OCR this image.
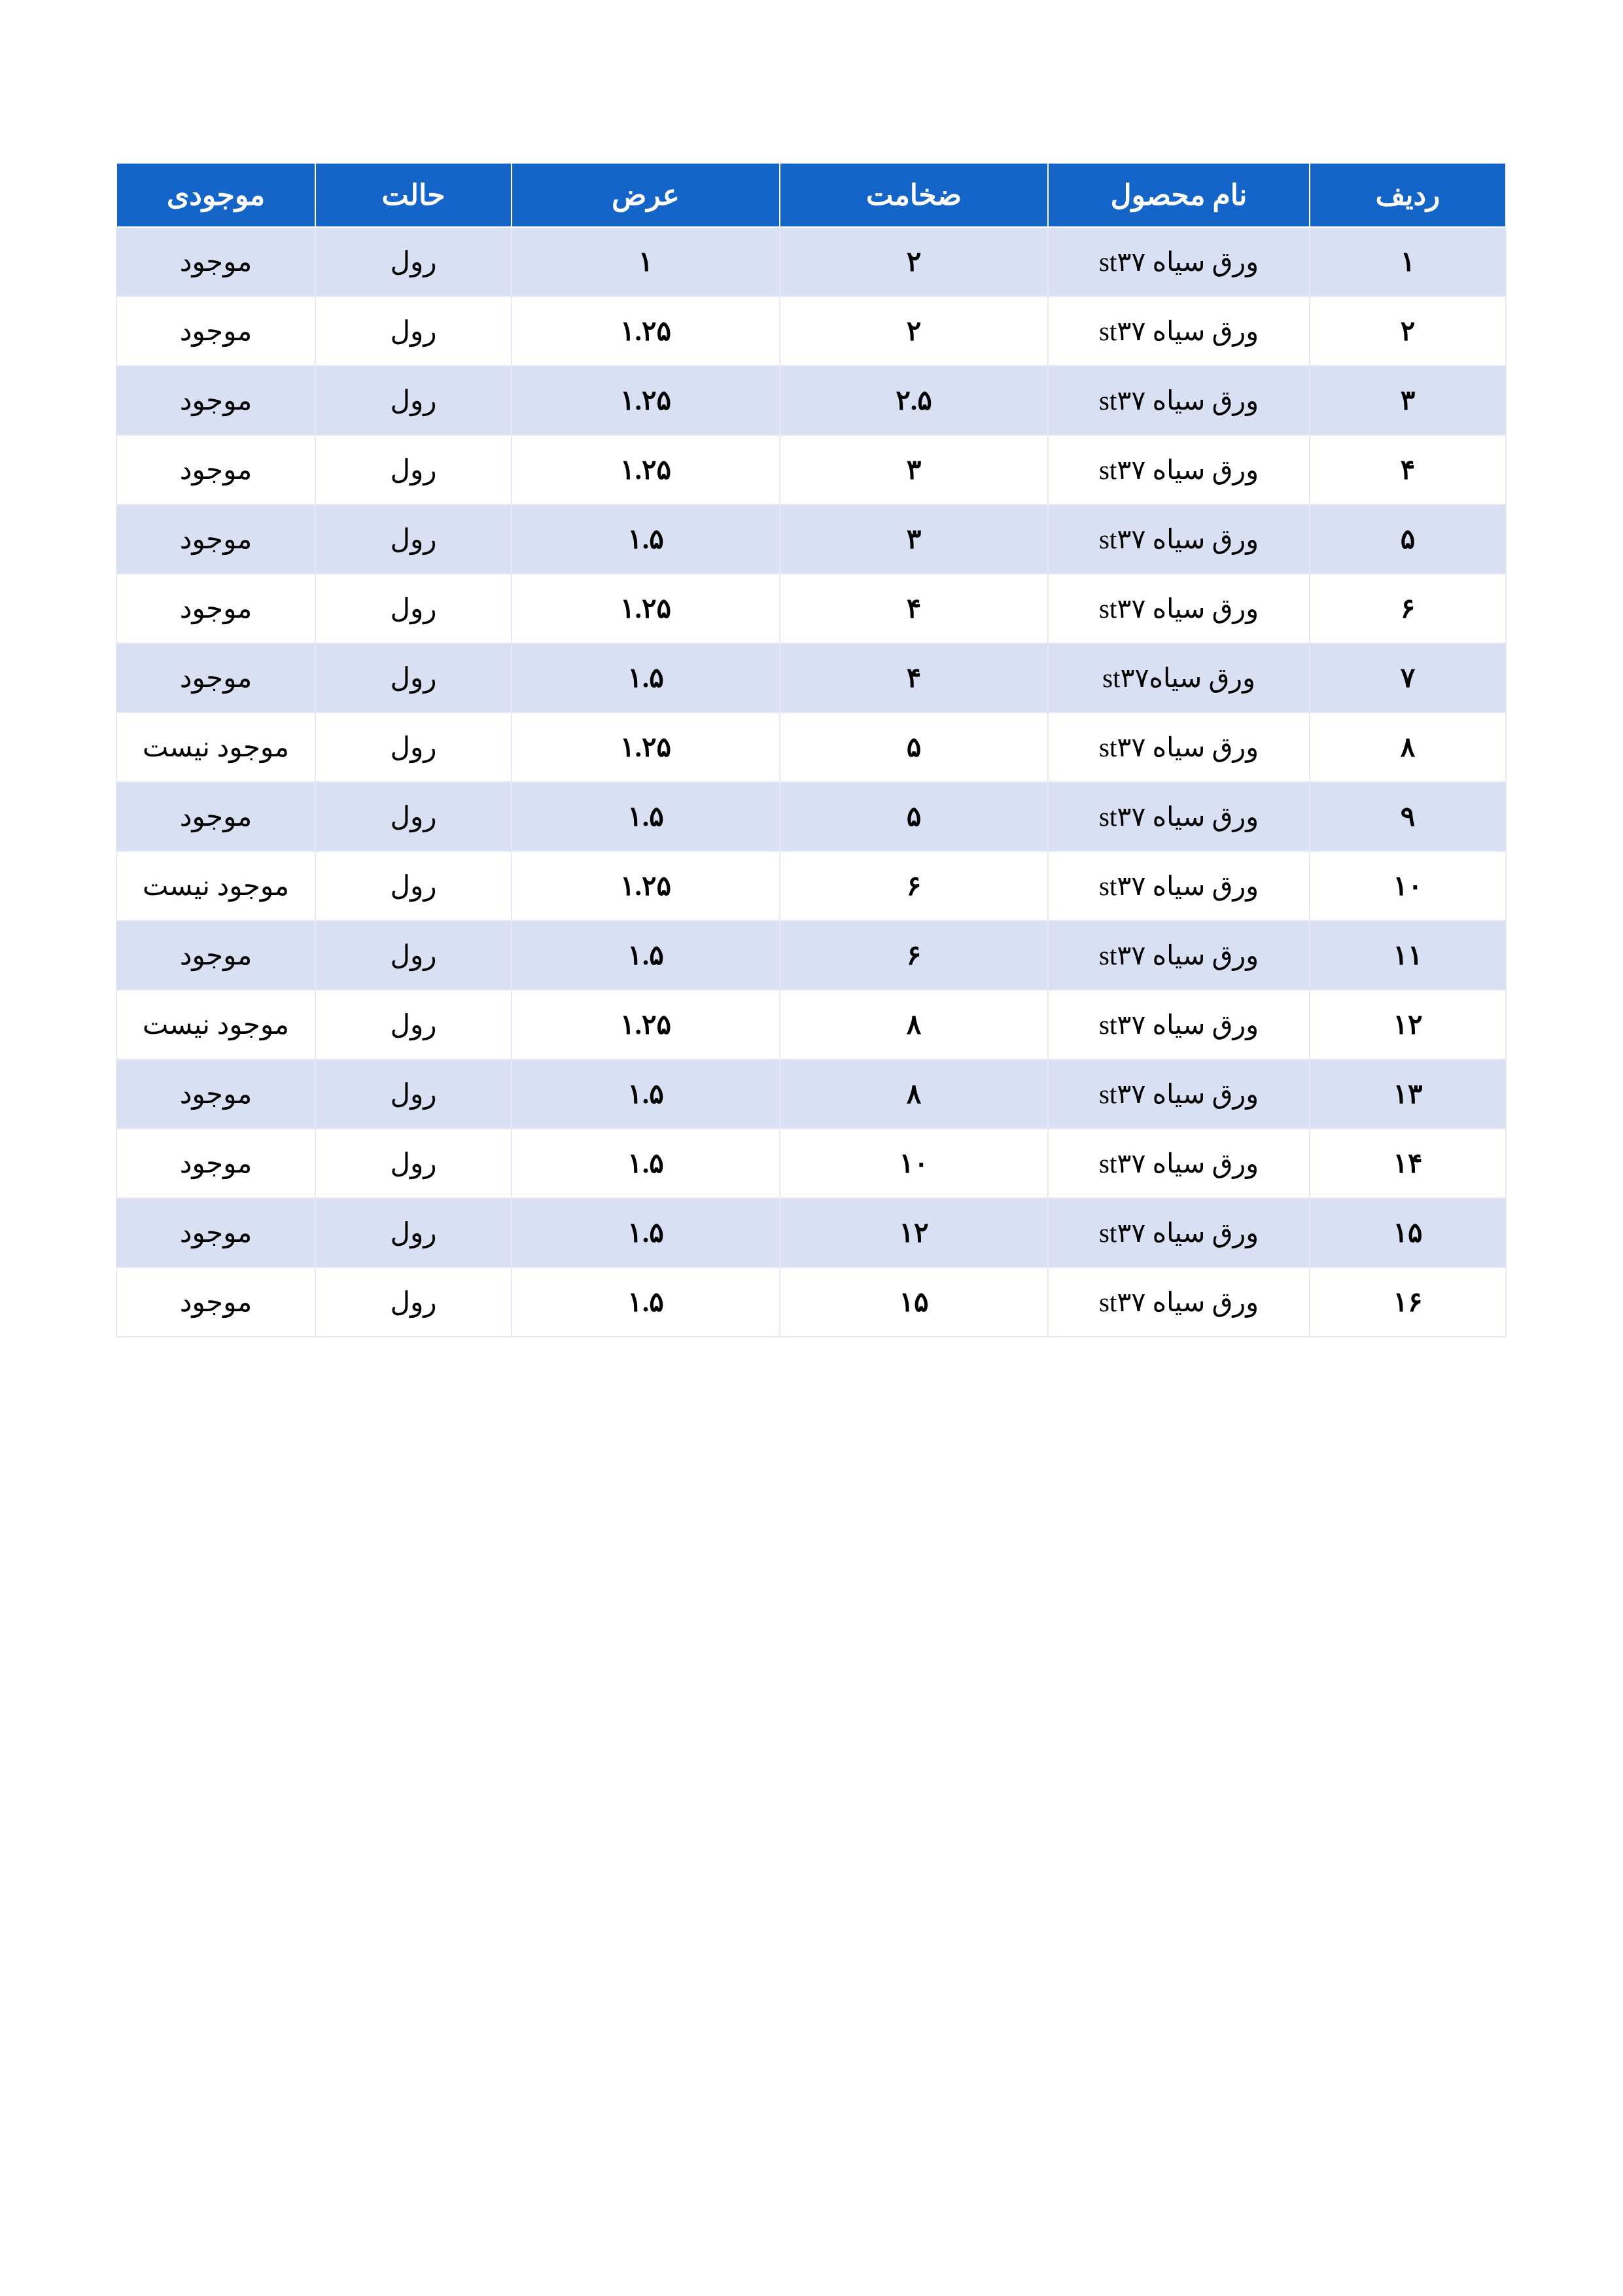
ردیف	نام محصول	ضخامت	عرض	حالت	موجودی
۱	ورق سیاه st۳۷	۲	۱	رول	موجود
۲	ورق سیاه st۳۷	۲	۱.۲۵	رول	موجود
۳	ورق سیاه st۳۷	۲.۵	۱.۲۵	رول	موجود
۴	ورق سیاه st۳۷	۳	۱.۲۵	رول	موجود
۵	ورق سیاه st۳۷	۳	۱.۵	رول	موجود
۶	ورق سیاه st۳۷	۴	۱.۲۵	رول	موجود
۷	ورق سیاهst۳۷	۴	۱.۵	رول	موجود
۸	ورق سیاه st۳۷	۵	۱.۲۵	رول	موجود نیست
۹	ورق سیاه st۳۷	۵	۱.۵	رول	موجود
۱۰	ورق سیاه st۳۷	۶	۱.۲۵	رول	موجود نیست
۱۱	ورق سیاه st۳۷	۶	۱.۵	رول	موجود
۱۲	ورق سیاه st۳۷	۸	۱.۲۵	رول	موجود نیست
۱۳	ورق سیاه st۳۷	۸	۱.۵	رول	موجود
۱۴	ورق سیاه st۳۷	۱۰	۱.۵	رول	موجود
۱۵	ورق سیاه st۳۷	۱۲	۱.۵	رول	موجود
۱۶	ورق سیاه st۳۷	۱۵	۱.۵	رول	موجود
